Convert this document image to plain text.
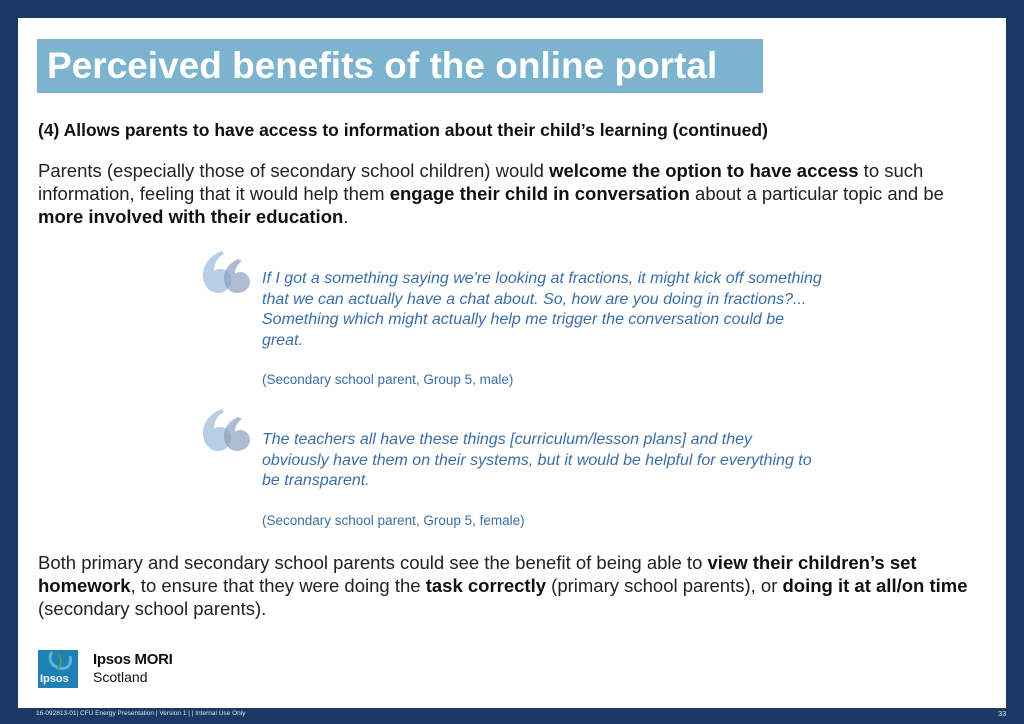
Perceived benefits of the online portal
(4) Allows parents to have access to information about their child’s learning (continued)
Parents (especially those of secondary school children) would welcome the option to have access to such information, feeling that it would help them engage their child in conversation about a particular topic and be more involved with their education.
If I got a something saying we're looking at fractions, it might kick off something that we can actually have a chat about. So, how are you doing in fractions?... Something which might actually help me trigger the conversation could be great.
(Secondary school parent, Group 5, male)
The teachers all have these things [curriculum/lesson plans] and they obviously have them on their systems, but it would be helpful for everything to be transparent.
(Secondary school parent, Group 5, female)
Both primary and secondary school parents could see the benefit of being able to view their children’s set homework, to ensure that they were doing the task correctly (primary school parents), or doing it at all/on time (secondary school parents).
Ipsos
Ipsos MORI
Scotland
16-092813-01| CFU Energy Presentation | Version 1 | | Internal Use Only	33
